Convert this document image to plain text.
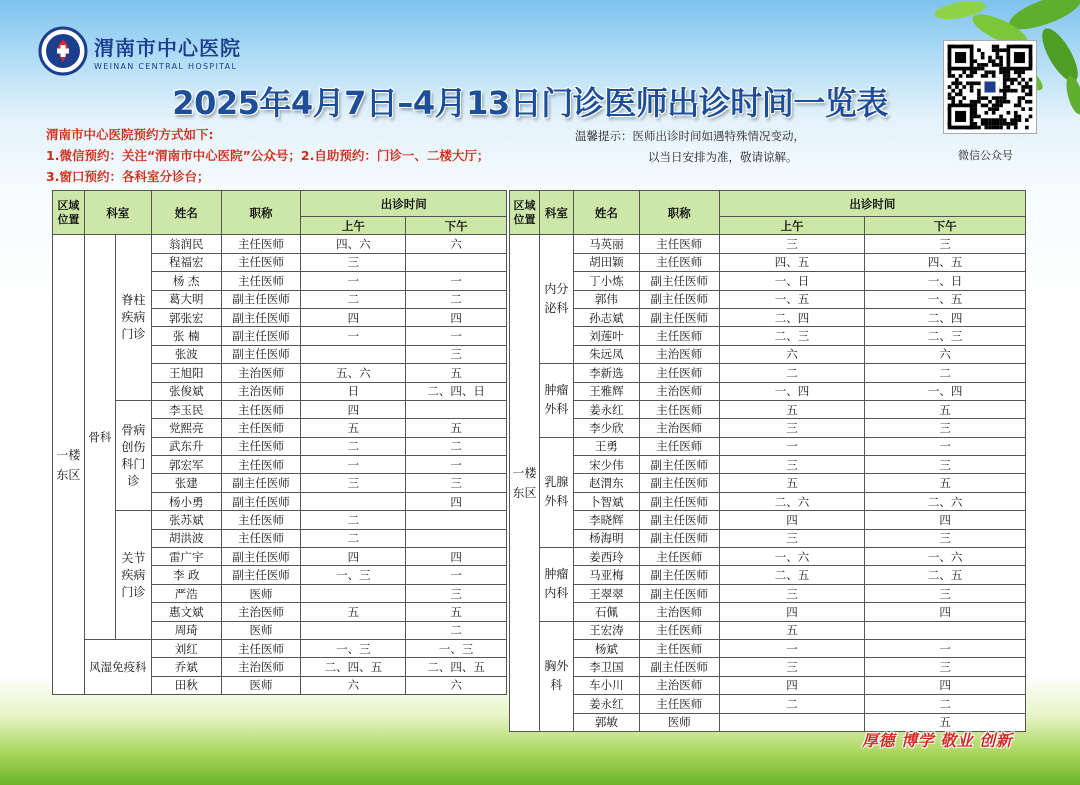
渭南市中心医院
WEINAN CENTRAL HOSPITAL
2025年4月7日–4月13日门诊医师出诊时间一览表
渭南市中心医院预约方式如下:
1.微信预约：关注“渭南市中心医院”公众号；2.自助预约：门诊一、二楼大厅；
3.窗口预约：各科室分诊台；
温馨提示：医师出诊时间如遇特殊情况变动，
以当日安排为准，敬请谅解。	微信公众号
区域位置	科室		姓名	职称	出诊时间	
					上午	下午
一楼东区	骨科	脊柱疾病门诊	翁润民	主任医师	四、六	六
			程福宏	主任医师	三	
			杨 杰	主任医师	一	一
			葛大明	副主任医师	二	二
			郭张宏	副主任医师	四	四
			张 楠	副主任医师	一	一
			张波	副主任医师		三
			王旭阳	主治医师	五、六	五
			张俊斌	主治医师	日	二、四、日
		骨病创伤科门诊	李玉民	主任医师	四	
			党熙亮	主任医师	五	五
			武东升	主任医师	二	二
			郭宏军	主任医师	一	一
			张建	副主任医师	三	三
			杨小勇	副主任医师		四
		关节疾病门诊	张苏斌	主任医师	二	
			胡洪波	主任医师	二	
			雷广宇	副主任医师	四	四
			李 政	副主任医师	一、三	一
			严浩	医师		三
			惠文斌	主治医师	五	五
			周琦	医师		二
	风湿免疫科		刘红	主任医师	一、三	一、三
			乔斌	主治医师	二、四、五	二、四、五
			田秋	医师	六	六
区域位置	科室	姓名	职称	出诊时间	
				上午	下午
一楼东区	内分泌科	马英丽	主任医师	三	三
		胡田颖	主任医师	四、五	四、五
		丁小炼	副主任医师	一、日	一、日
		郭伟	副主任医师	一、五	一、五
		孙志斌	副主任医师	二、四	二、四
		刘莲叶	主任医师	二、三	二、三
		朱远凤	主治医师	六	六
	肿瘤外科	李新选	主任医师	二	二
		王雅辉	主治医师	一、四	一、四
		姜永红	主任医师	五	五
		李少欣	主治医师	三	三
	乳腺外科	王勇	主任医师	一	一
		宋少伟	副主任医师	三	三
		赵渭东	副主任医师	五	五
		卜智斌	副主任医师	二、六	二、六
		李晓辉	副主任医师	四	四
		杨海明	副主任医师	三	三
	肿瘤内科	姜西玲	主任医师	一、六	一、六
		马亚梅	副主任医师	二、五	二、五
		王翠翠	副主任医师	三	三
		石佩	主治医师	四	四
	胸外科	王宏涛	主任医师	五	
		杨斌	主任医师	一	一
		李卫国	副主任医师	三	三
		车小川	主治医师	四	四
		姜永红	主任医师	二	二
		郭敏	医师		五
厚德 博学 敬业 创新
